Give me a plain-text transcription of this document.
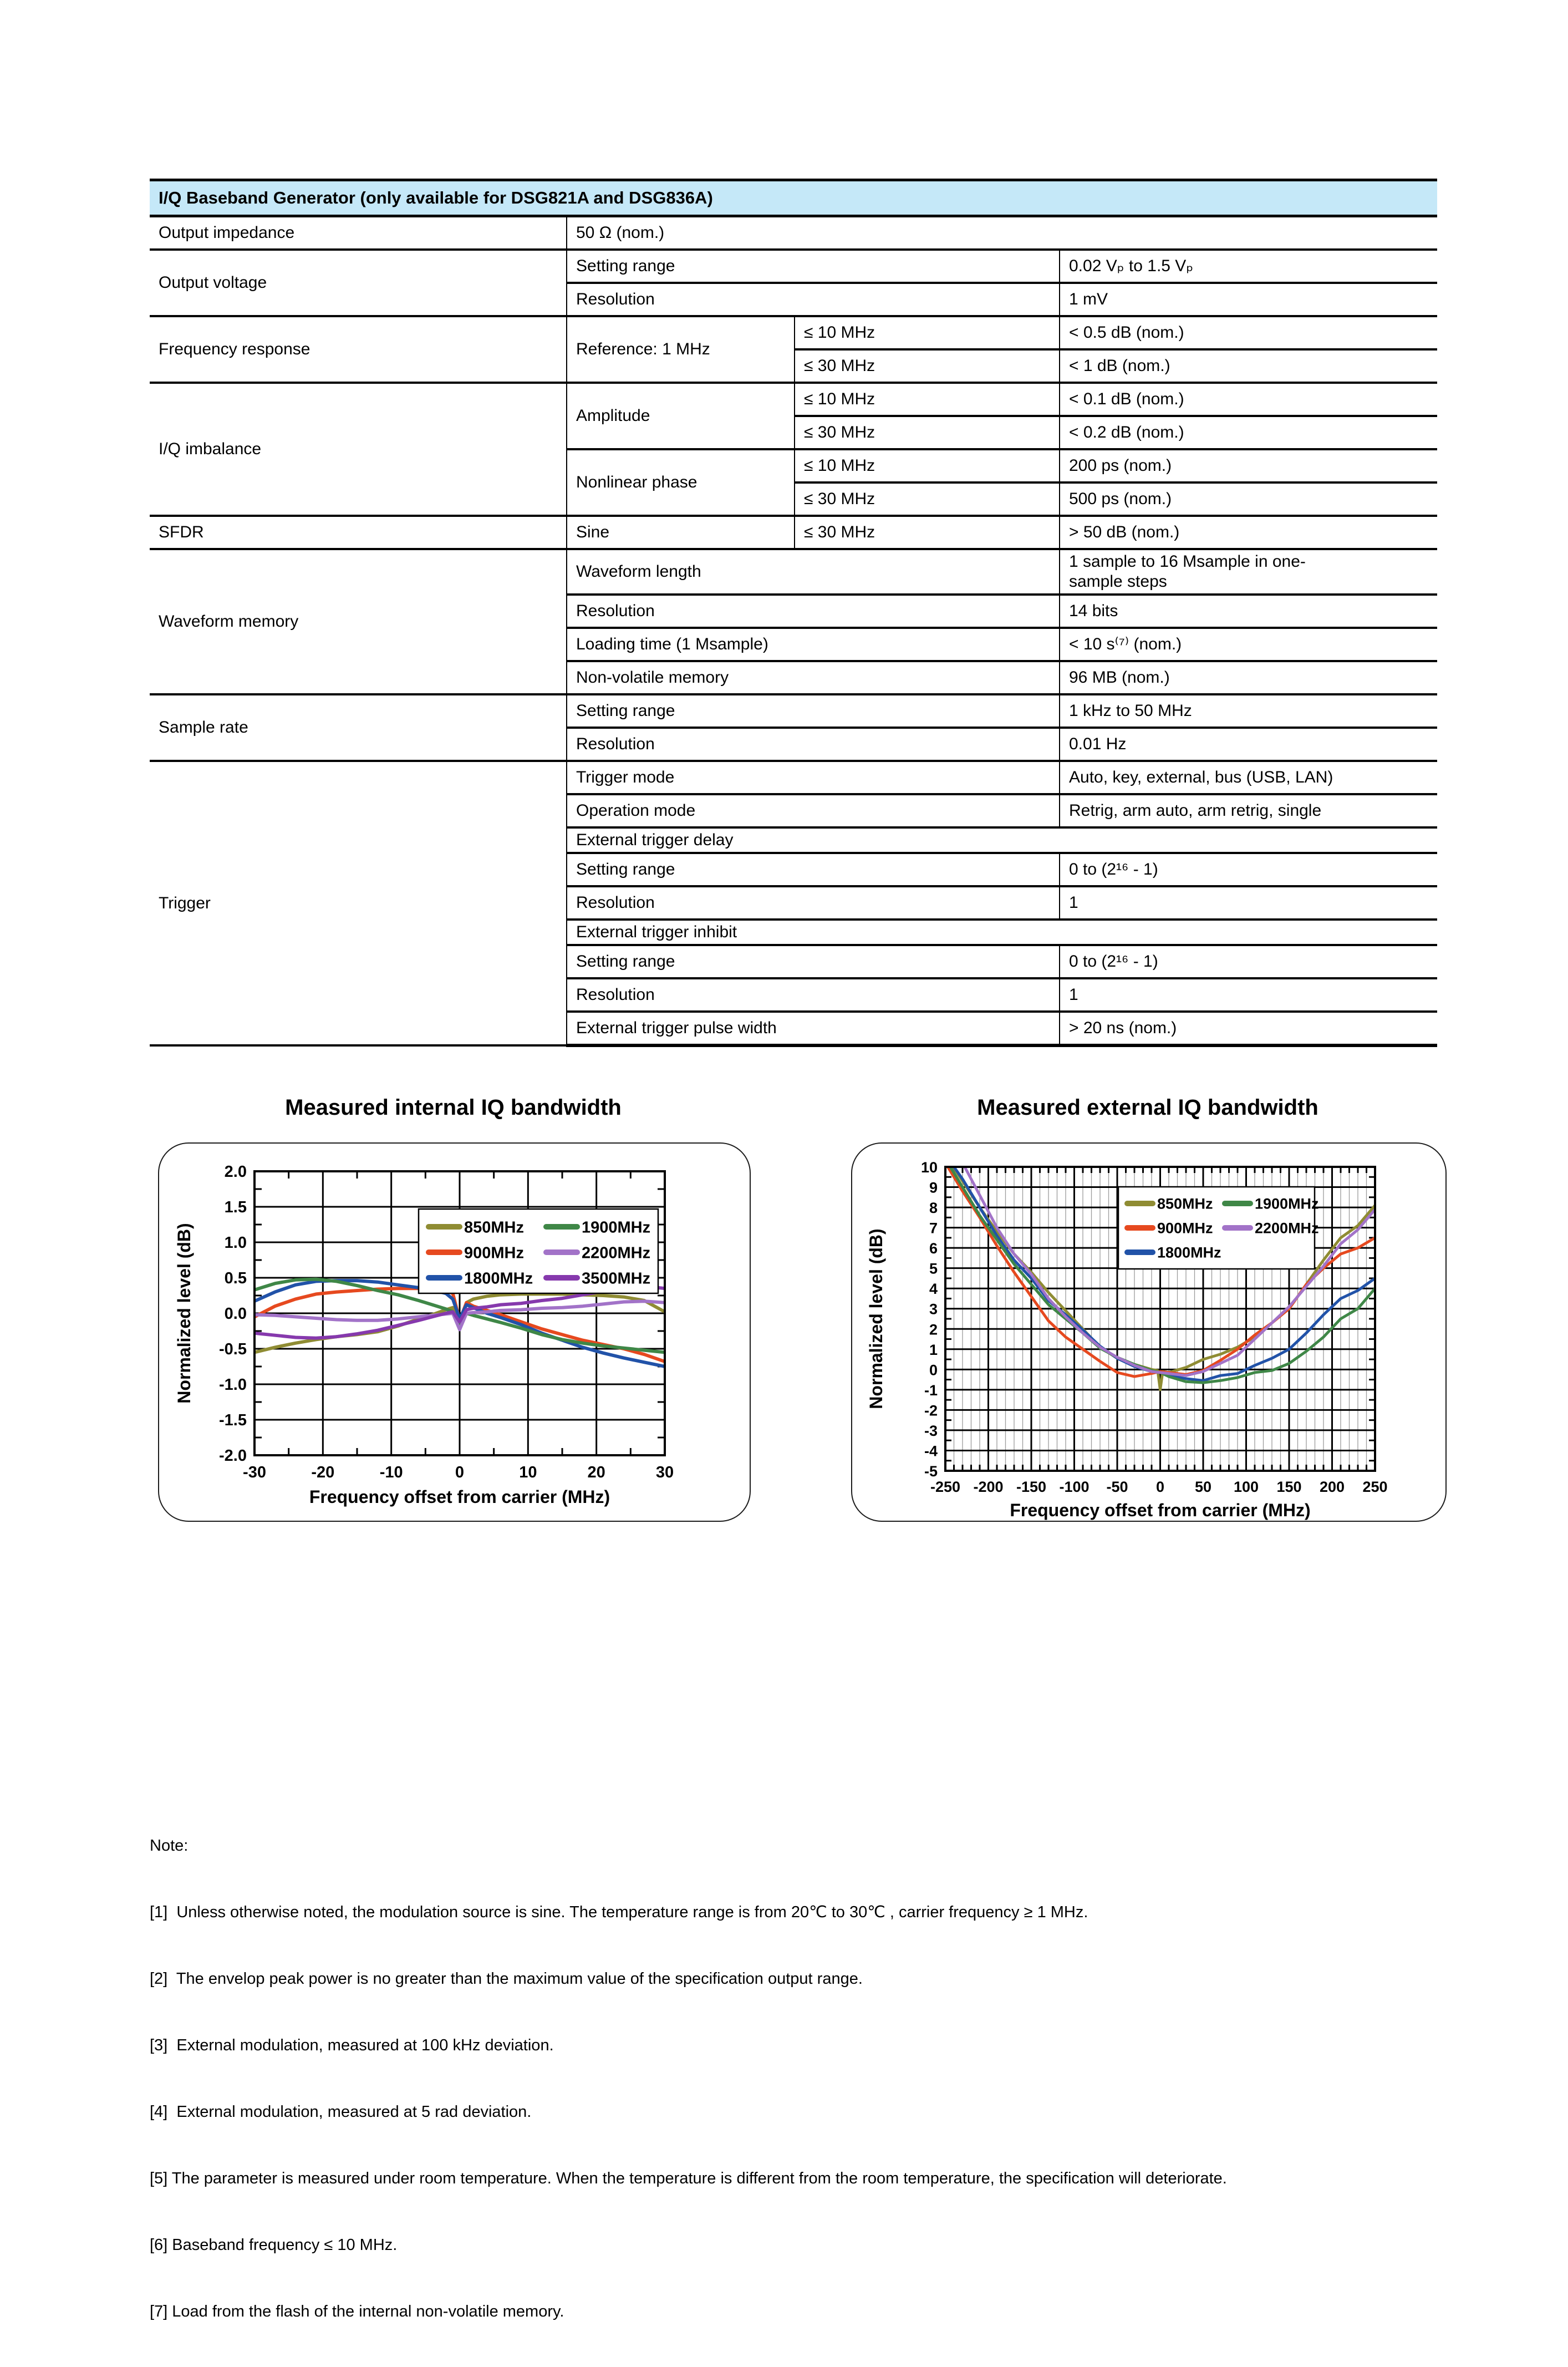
I/Q Baseband Generator (only available for DSG821A and DSG836A)			
Output impedance	50 Ω (nom.)		
Output voltage	Setting range		0.02 Vₚ to 1.5 Vₚ
	Resolution		1 mV
Frequency response	Reference: 1 MHz	≤ 10 MHz	< 0.5 dB (nom.)
		≤ 30 MHz	< 1 dB (nom.)
I/Q imbalance	Amplitude	≤ 10 MHz	< 0.1 dB (nom.)
		≤ 30 MHz	< 0.2 dB (nom.)
	Nonlinear phase	≤ 10 MHz	200 ps (nom.)
		≤ 30 MHz	500 ps (nom.)
SFDR	Sine	≤ 30 MHz	> 50 dB (nom.)
Waveform memory	Waveform length		1 sample to 16 Msample in one-sample steps
	Resolution		14 bits
	Loading time (1 Msample)		< 10 s⁽⁷⁾ (nom.)
	Non-volatile memory		96 MB (nom.)
Sample rate	Setting range		1 kHz to 50 MHz
	Resolution		0.01 Hz
Trigger	Trigger mode		Auto, key, external, bus (USB, LAN)
	Operation mode		Retrig, arm auto, arm retrig, single
	External trigger delay		
	Setting range		0 to (2¹⁶ - 1)
	Resolution		1
	External trigger inhibit		
	Setting range		0 to (2¹⁶ - 1)
	Resolution		1
	External trigger pulse width		> 20 ns (nom.)
Measured internal IQ bandwidth	Measured external IQ bandwidth
-30	-20	-10	0	10	20	30
-2.0
-1.5
-1.0
-0.5
0.0
0.5
1.0
1.5
2.0
Frequency offset from carrier (MHz)
Normalized level (dB)	850MHz
900MHz
1800MHz
1900MHz
2200MHz
3500MHz
-250 -200 -150 -100 -50 0 50 100 150 200 250
-5
-4
-3
-2
-1
0
1
2
3
4
5
6
7
8
9
10
Frequency offset from carrier (MHz)
Normalized level (dB)
850MHz
900MHz
1800MHz
1900MHz
2200MHz

Note:

[1]  Unless otherwise noted, the modulation source is sine. The temperature range is from 20℃ to 30℃ , carrier frequency ≥ 1 MHz.

[2]  The envelop peak power is no greater than the maximum value of the specification output range.

[3]  External modulation, measured at 100 kHz deviation.

[4]  External modulation, measured at 5 rad deviation.

[5] The parameter is measured under room temperature. When the temperature is different from the room temperature, the specification will deteriorate.

[6] Baseband frequency ≤ 10 MHz.

[7] Load from the flash of the internal non-volatile memory.
